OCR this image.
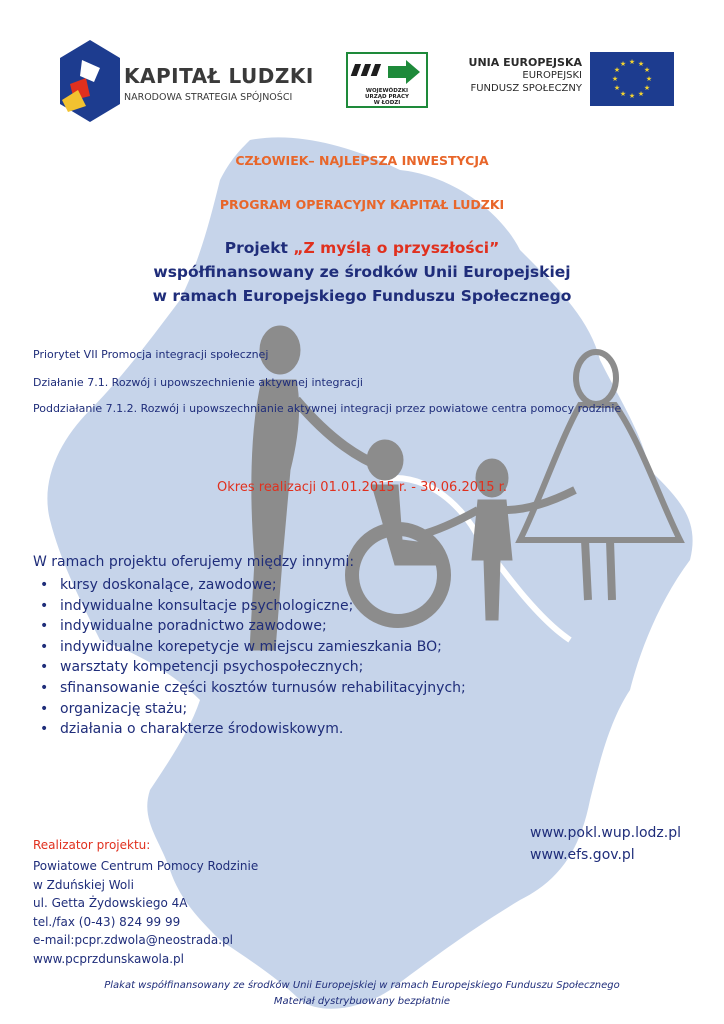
KAPITAŁ LUDZKI
NARODOWA STRATEGIA SPÓJNOŚCI
WOJEWÓDZKI
URZĄD PRACY
W ŁODZI
UNIA EUROPEJSKA
EUROPEJSKI
FUNDUSZ SPOŁECZNY
★ ★
★
★
★
★
★
★
★
★
★
★
CZŁOWIEK– NAJLEPSZA INWESTYCJA
PROGRAM OPERACYJNY KAPITAŁ LUDZKI
Projekt „Z myślą o przyszłości”
współfinansowany ze środków Unii Europejskiej
w ramach Europejskiego Funduszu Społecznego
Priorytet VII Promocja integracji społecznej
Działanie 7.1. Rozwój i upowszechnienie aktywnej integracji
Poddziałanie 7.1.2. Rozwój i upowszechnianie aktywnej integracji przez powiatowe centra pomocy rodzinie
Okres realizacji 01.01.2015 r. - 30.06.2015 r.
W ramach projektu oferujemy między innymi:
• kursy doskonalące, zawodowe;
• indywidualne konsultacje psychologiczne;
• indywidualne poradnictwo zawodowe;
• indywidualne korepetycje w miejscu zamieszkania BO;
• warsztaty kompetencji psychospołecznych;
• sfinansowanie części kosztów turnusów rehabilitacyjnych;
• organizację stażu;
• działania o charakterze środowiskowym.
www.pokl.wup.lodz.pl
www.efs.gov.pl
Realizator projektu:
Powiatowe Centrum Pomocy Rodzinie
w Zduńskiej Woli
ul. Getta Żydowskiego 4A
tel./fax (0-43) 824 99 99
e-mail:pcpr.zdwola@neostrada.pl
www.pcprzdunskawola.pl
Plakat współfinansowany ze środków Unii Europejskiej w ramach Europejskiego Funduszu Społecznego
Materiał dystrybuowany bezpłatnie
